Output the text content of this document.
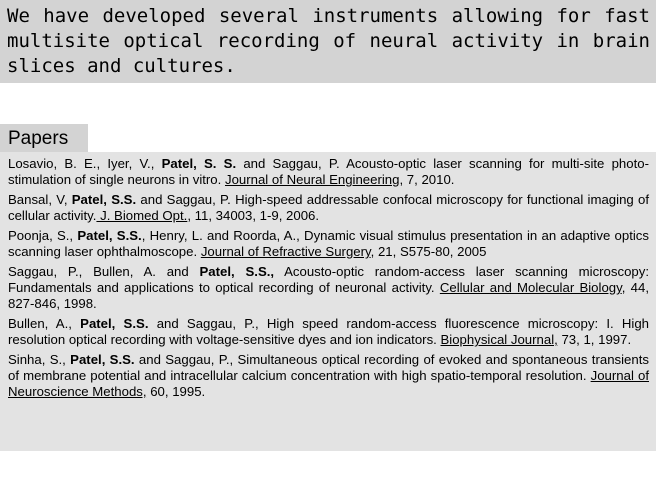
We have developed several instruments allowing for fast multisite optical recording of neural activity in brain slices and cultures.
Papers

Losavio, B. E., Iyer, V., Patel, S. S. and Saggau, P. Acousto-optic laser scanning for multi-site photo-stimulation of single neurons in vitro. Journal of Neural Engineering, 7, 2010.

Bansal, V, Patel, S.S. and Saggau, P. High-speed addressable confocal microscopy for functional imaging of cellular activity. J. Biomed Opt., 11, 34003, 1-9, 2006.

Poonja, S., Patel, S.S., Henry, L. and Roorda, A., Dynamic visual stimulus presentation in an adaptive optics scanning laser ophthalmoscope. Journal of Refractive Surgery, 21, S575-80, 2005

Saggau, P., Bullen, A. and Patel, S.S., Acousto-optic random-access laser scanning microscopy: Fundamentals and applications to optical recording of neuronal activity. Cellular and Molecular Biology, 44, 827-846, 1998.

Bullen, A., Patel, S.S. and Saggau, P., High speed random-access fluorescence microscopy: I. High resolution optical recording with voltage-sensitive dyes and ion indicators. Biophysical Journal, 73, 1, 1997.

Sinha, S., Patel, S.S. and Saggau, P., Simultaneous optical recording of evoked and spontaneous transients of membrane potential and intracellular calcium concentration with high spatio-temporal resolution. Journal of Neuroscience Methods, 60, 1995.
